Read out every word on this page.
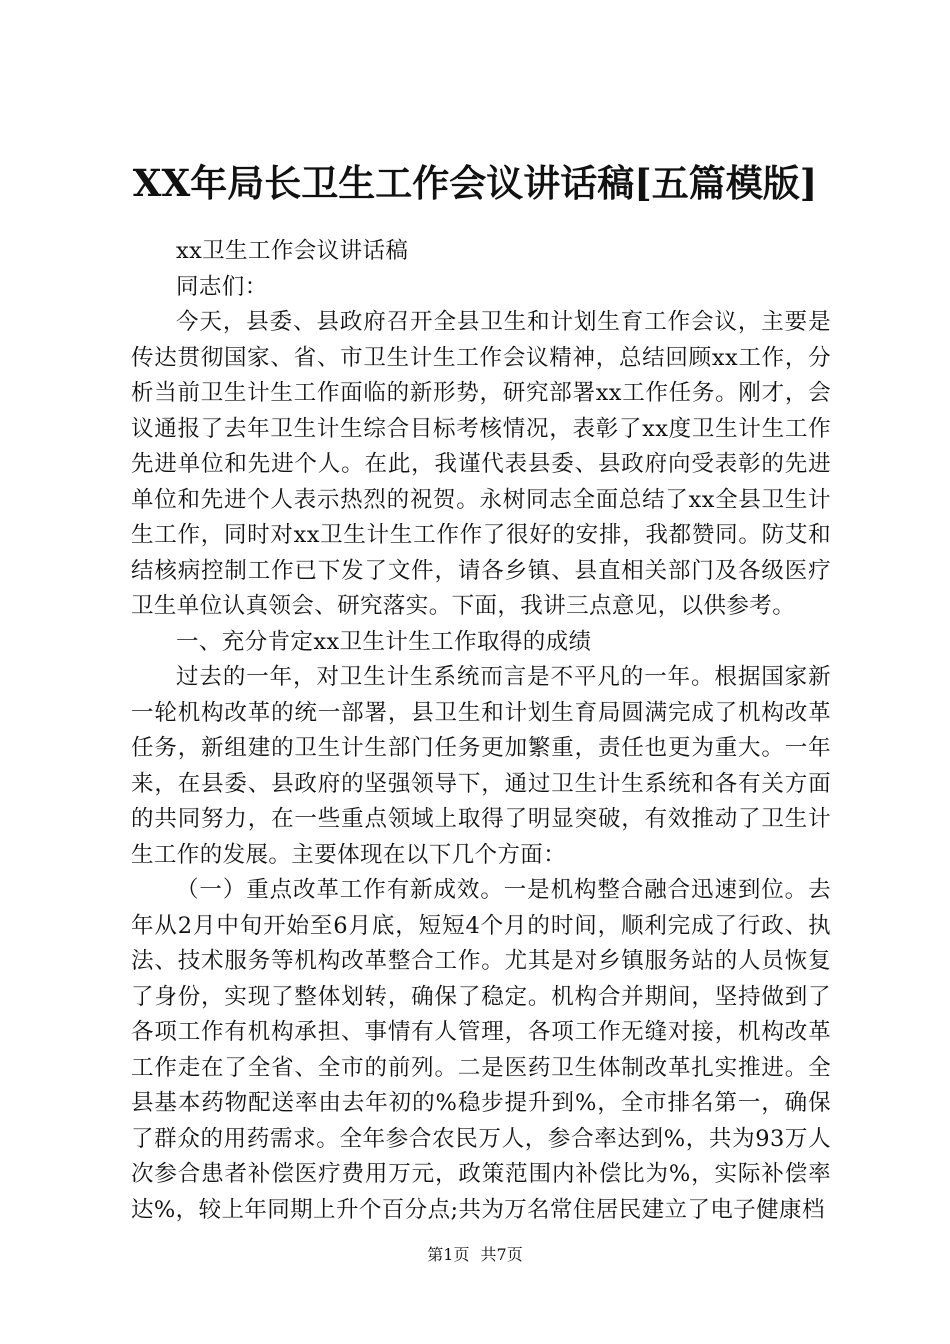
XX年局长卫生工作会议讲话稿[五篇模版]

xx卫生工作会议讲话稿

同志们：

今天，县委、县政府召开全县卫生和计划生育工作会议，主要是传达贯彻国家、省、市卫生计生工作会议精神，总结回顾xx工作，分析当前卫生计生工作面临的新形势，研究部署xx工作任务。刚才，会议通报了去年卫生计生综合目标考核情况，表彰了xx度卫生计生工作先进单位和先进个人。在此，我谨代表县委、县政府向受表彰的先进单位和先进个人表示热烈的祝贺。永树同志全面总结了xx全县卫生计生工作，同时对xx卫生计生工作作了很好的安排，我都赞同。防艾和结核病控制工作已下发了文件，请各乡镇、县直相关部门及各级医疗卫生单位认真领会、研究落实。下面，我讲三点意见，以供参考。

一、充分肯定xx卫生计生工作取得的成绩

过去的一年，对卫生计生系统而言是不平凡的一年。根据国家新一轮机构改革的统一部署，县卫生和计划生育局圆满完成了机构改革任务，新组建的卫生计生部门任务更加繁重，责任也更为重大。一年来，在县委、县政府的坚强领导下，通过卫生计生系统和各有关方面的共同努力，在一些重点领域上取得了明显突破，有效推动了卫生计生工作的发展。主要体现在以下几个方面：

（一）重点改革工作有新成效。一是机构整合融合迅速到位。去年从2月中旬开始至6月底，短短4个月的时间，顺利完成了行政、执法、技术服务等机构改革整合工作。尤其是对乡镇服务站的人员恢复了身份，实现了整体划转，确保了稳定。机构合并期间，坚持做到了各项工作有机构承担、事情有人管理，各项工作无缝对接，机构改革工作走在了全省、全市的前列。二是医药卫生体制改革扎实推进。全县基本药物配送率由去年初的%稳步提升到%，全市排名第一，确保了群众的用药需求。全年参合农民万人，参合率达到%，共为93万人次参合患者补偿医疗费用万元，政策范围内补偿比为%，实际补偿率达%，较上年同期上升个百分点;共为万名常住居民建立了电子健康档

第1页 共7页
